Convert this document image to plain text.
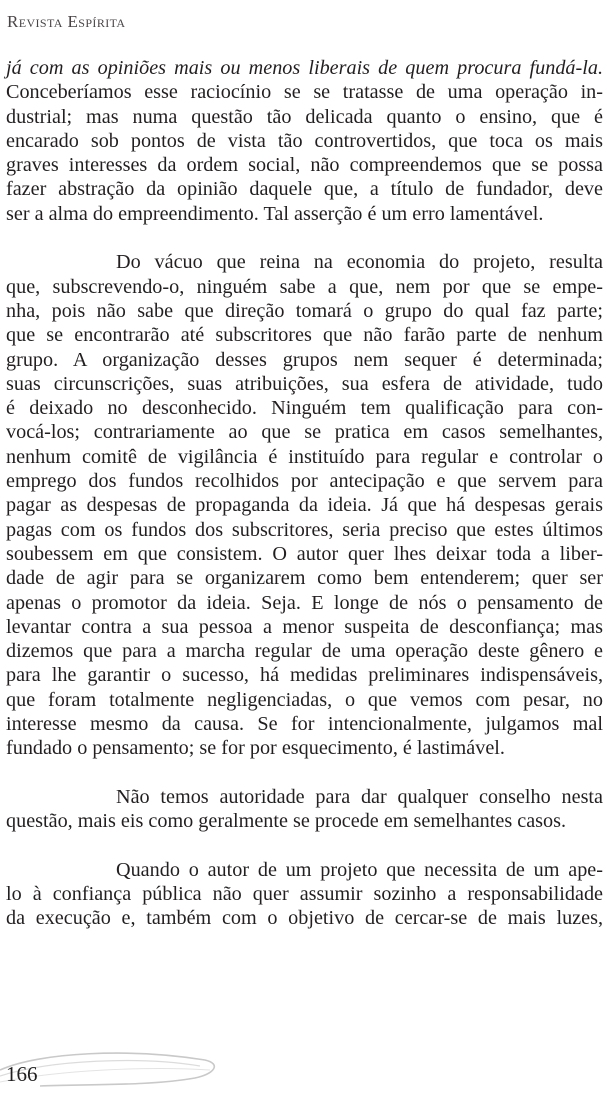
Revista Espírita
já com as opiniões mais ou menos liberais de quem procura fundá-la.
Conceberíamos esse raciocínio se se tratasse de uma operação in-
dustrial; mas numa questão tão delicada quanto o ensino, que é
encarado sob pontos de vista tão controvertidos, que toca os mais
graves interesses da ordem social, não compreendemos que se possa
fazer abstração da opinião daquele que, a título de fundador, deve
ser a alma do empreendimento. Tal asserção é um erro lamentável.
Do vácuo que reina na economia do projeto, resulta
que, subscrevendo-o, ninguém sabe a que, nem por que se empe-
nha, pois não sabe que direção tomará o grupo do qual faz parte;
que se encontrarão até subscritores que não farão parte de nenhum
grupo. A organização desses grupos nem sequer é determinada;
suas circunscrições, suas atribuições, sua esfera de atividade, tudo
é deixado no desconhecido. Ninguém tem qualificação para con-
vocá-los; contrariamente ao que se pratica em casos semelhantes,
nenhum comitê de vigilância é instituído para regular e controlar o
emprego dos fundos recolhidos por antecipação e que servem para
pagar as despesas de propaganda da ideia. Já que há despesas gerais
pagas com os fundos dos subscritores, seria preciso que estes últimos
soubessem em que consistem. O autor quer lhes deixar toda a liber-
dade de agir para se organizarem como bem entenderem; quer ser
apenas o promotor da ideia. Seja. E longe de nós o pensamento de
levantar contra a sua pessoa a menor suspeita de desconfiança; mas
dizemos que para a marcha regular de uma operação deste gênero e
para lhe garantir o sucesso, há medidas preliminares indispensáveis,
que foram totalmente negligenciadas, o que vemos com pesar, no
interesse mesmo da causa. Se for intencionalmente, julgamos mal
fundado o pensamento; se for por esquecimento, é lastimável.
Não temos autoridade para dar qualquer conselho nesta
questão, mais eis como geralmente se procede em semelhantes casos.
Quando o autor de um projeto que necessita de um ape-
lo à confiança pública não quer assumir sozinho a responsabilidade
da execução e, também com o objetivo de cercar-se de mais luzes,
166
